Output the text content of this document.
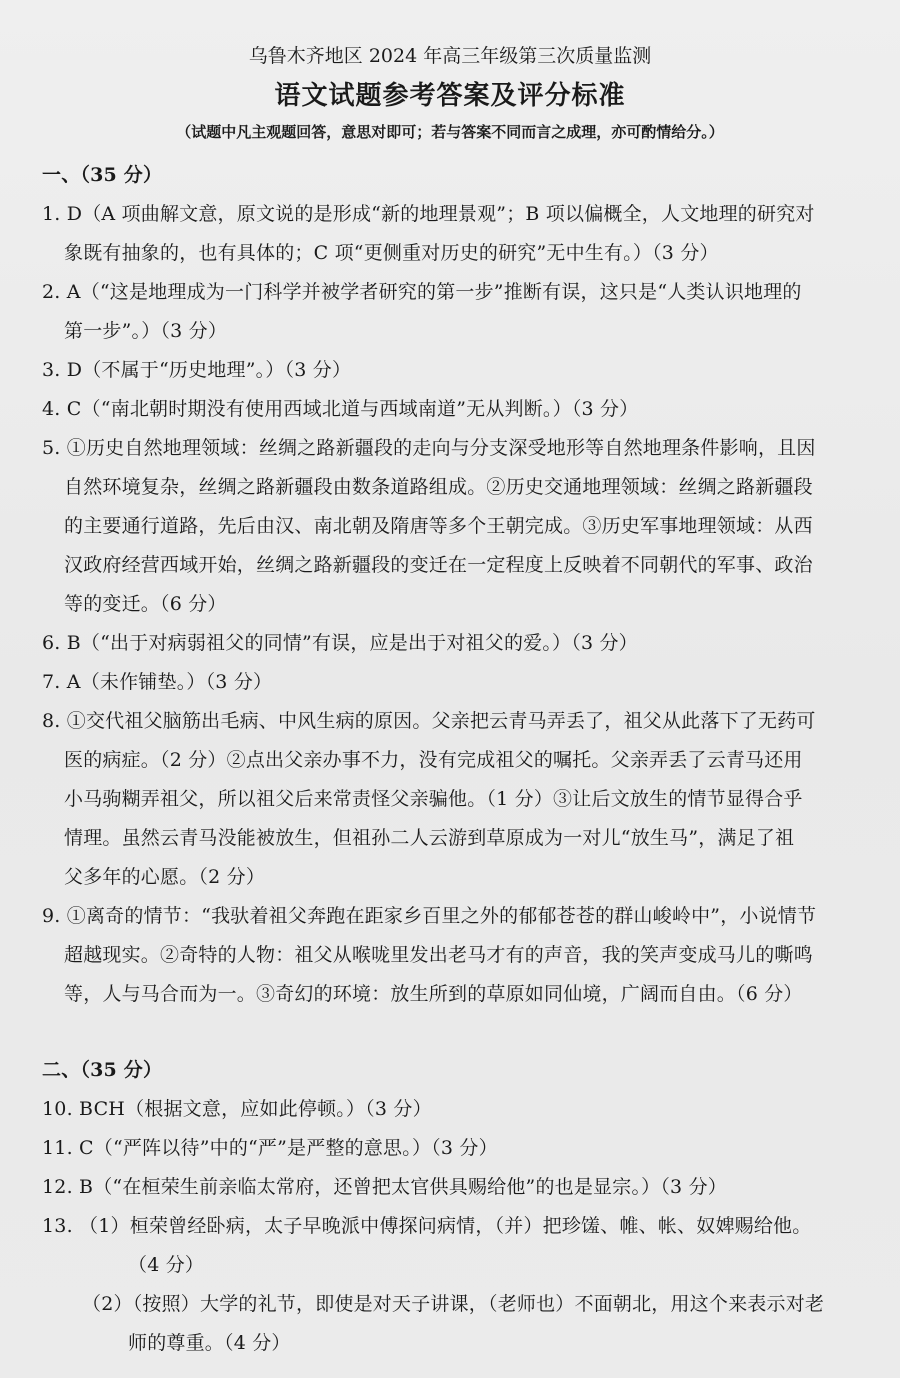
乌鲁木齐地区 2024 年高三年级第三次质量监测
语文试题参考答案及评分标准
（试题中凡主观题回答，意思对即可；若与答案不同而言之成理，亦可酌情给分。）
一、（35 分）
1. D（A 项曲解文意，原文说的是形成“新的地理景观”；B 项以偏概全，人文地理的研究对
象既有抽象的，也有具体的；C 项“更侧重对历史的研究”无中生有。）（3 分）
2. A（“这是地理成为一门科学并被学者研究的第一步”推断有误，这只是“人类认识地理的
第一步”。）（3 分）
3. D（不属于“历史地理”。）（3 分）
4. C（“南北朝时期没有使用西域北道与西域南道”无从判断。）（3 分）
5. ①历史自然地理领域：丝绸之路新疆段的走向与分支深受地形等自然地理条件影响，且因
自然环境复杂，丝绸之路新疆段由数条道路组成。②历史交通地理领域：丝绸之路新疆段
的主要通行道路，先后由汉、南北朝及隋唐等多个王朝完成。③历史军事地理领域：从西
汉政府经营西域开始，丝绸之路新疆段的变迁在一定程度上反映着不同朝代的军事、政治
等的变迁。（6 分）
6. B（“出于对病弱祖父的同情”有误，应是出于对祖父的爱。）（3 分）
7. A（未作铺垫。）（3 分）
8. ①交代祖父脑筋出毛病、中风生病的原因。父亲把云青马弄丢了，祖父从此落下了无药可
医的病症。（2 分）②点出父亲办事不力，没有完成祖父的嘱托。父亲弄丢了云青马还用
小马驹糊弄祖父，所以祖父后来常责怪父亲骗他。（1 分）③让后文放生的情节显得合乎
情理。虽然云青马没能被放生，但祖孙二人云游到草原成为一对儿“放生马”，满足了祖
父多年的心愿。（2 分）
9. ①离奇的情节：“我驮着祖父奔跑在距家乡百里之外的郁郁苍苍的群山峻岭中”，小说情节
超越现实。②奇特的人物：祖父从喉咙里发出老马才有的声音，我的笑声变成马儿的嘶鸣
等，人与马合而为一。③奇幻的环境：放生所到的草原如同仙境，广阔而自由。（6 分）
二、（35 分）
10. BCH（根据文意，应如此停顿。）（3 分）
11. C（“严阵以待”中的“严”是严整的意思。）（3 分）
12. B（“在桓荣生前亲临太常府，还曾把太官供具赐给他”的也是显宗。）（3 分）
13. （1）桓荣曾经卧病，太子早晚派中傅探问病情，（并）把珍馐、帷、帐、奴婢赐给他。
（4 分）
（2）（按照）大学的礼节，即使是对天子讲课，（老师也）不面朝北，用这个来表示对老
师的尊重。（4 分）
